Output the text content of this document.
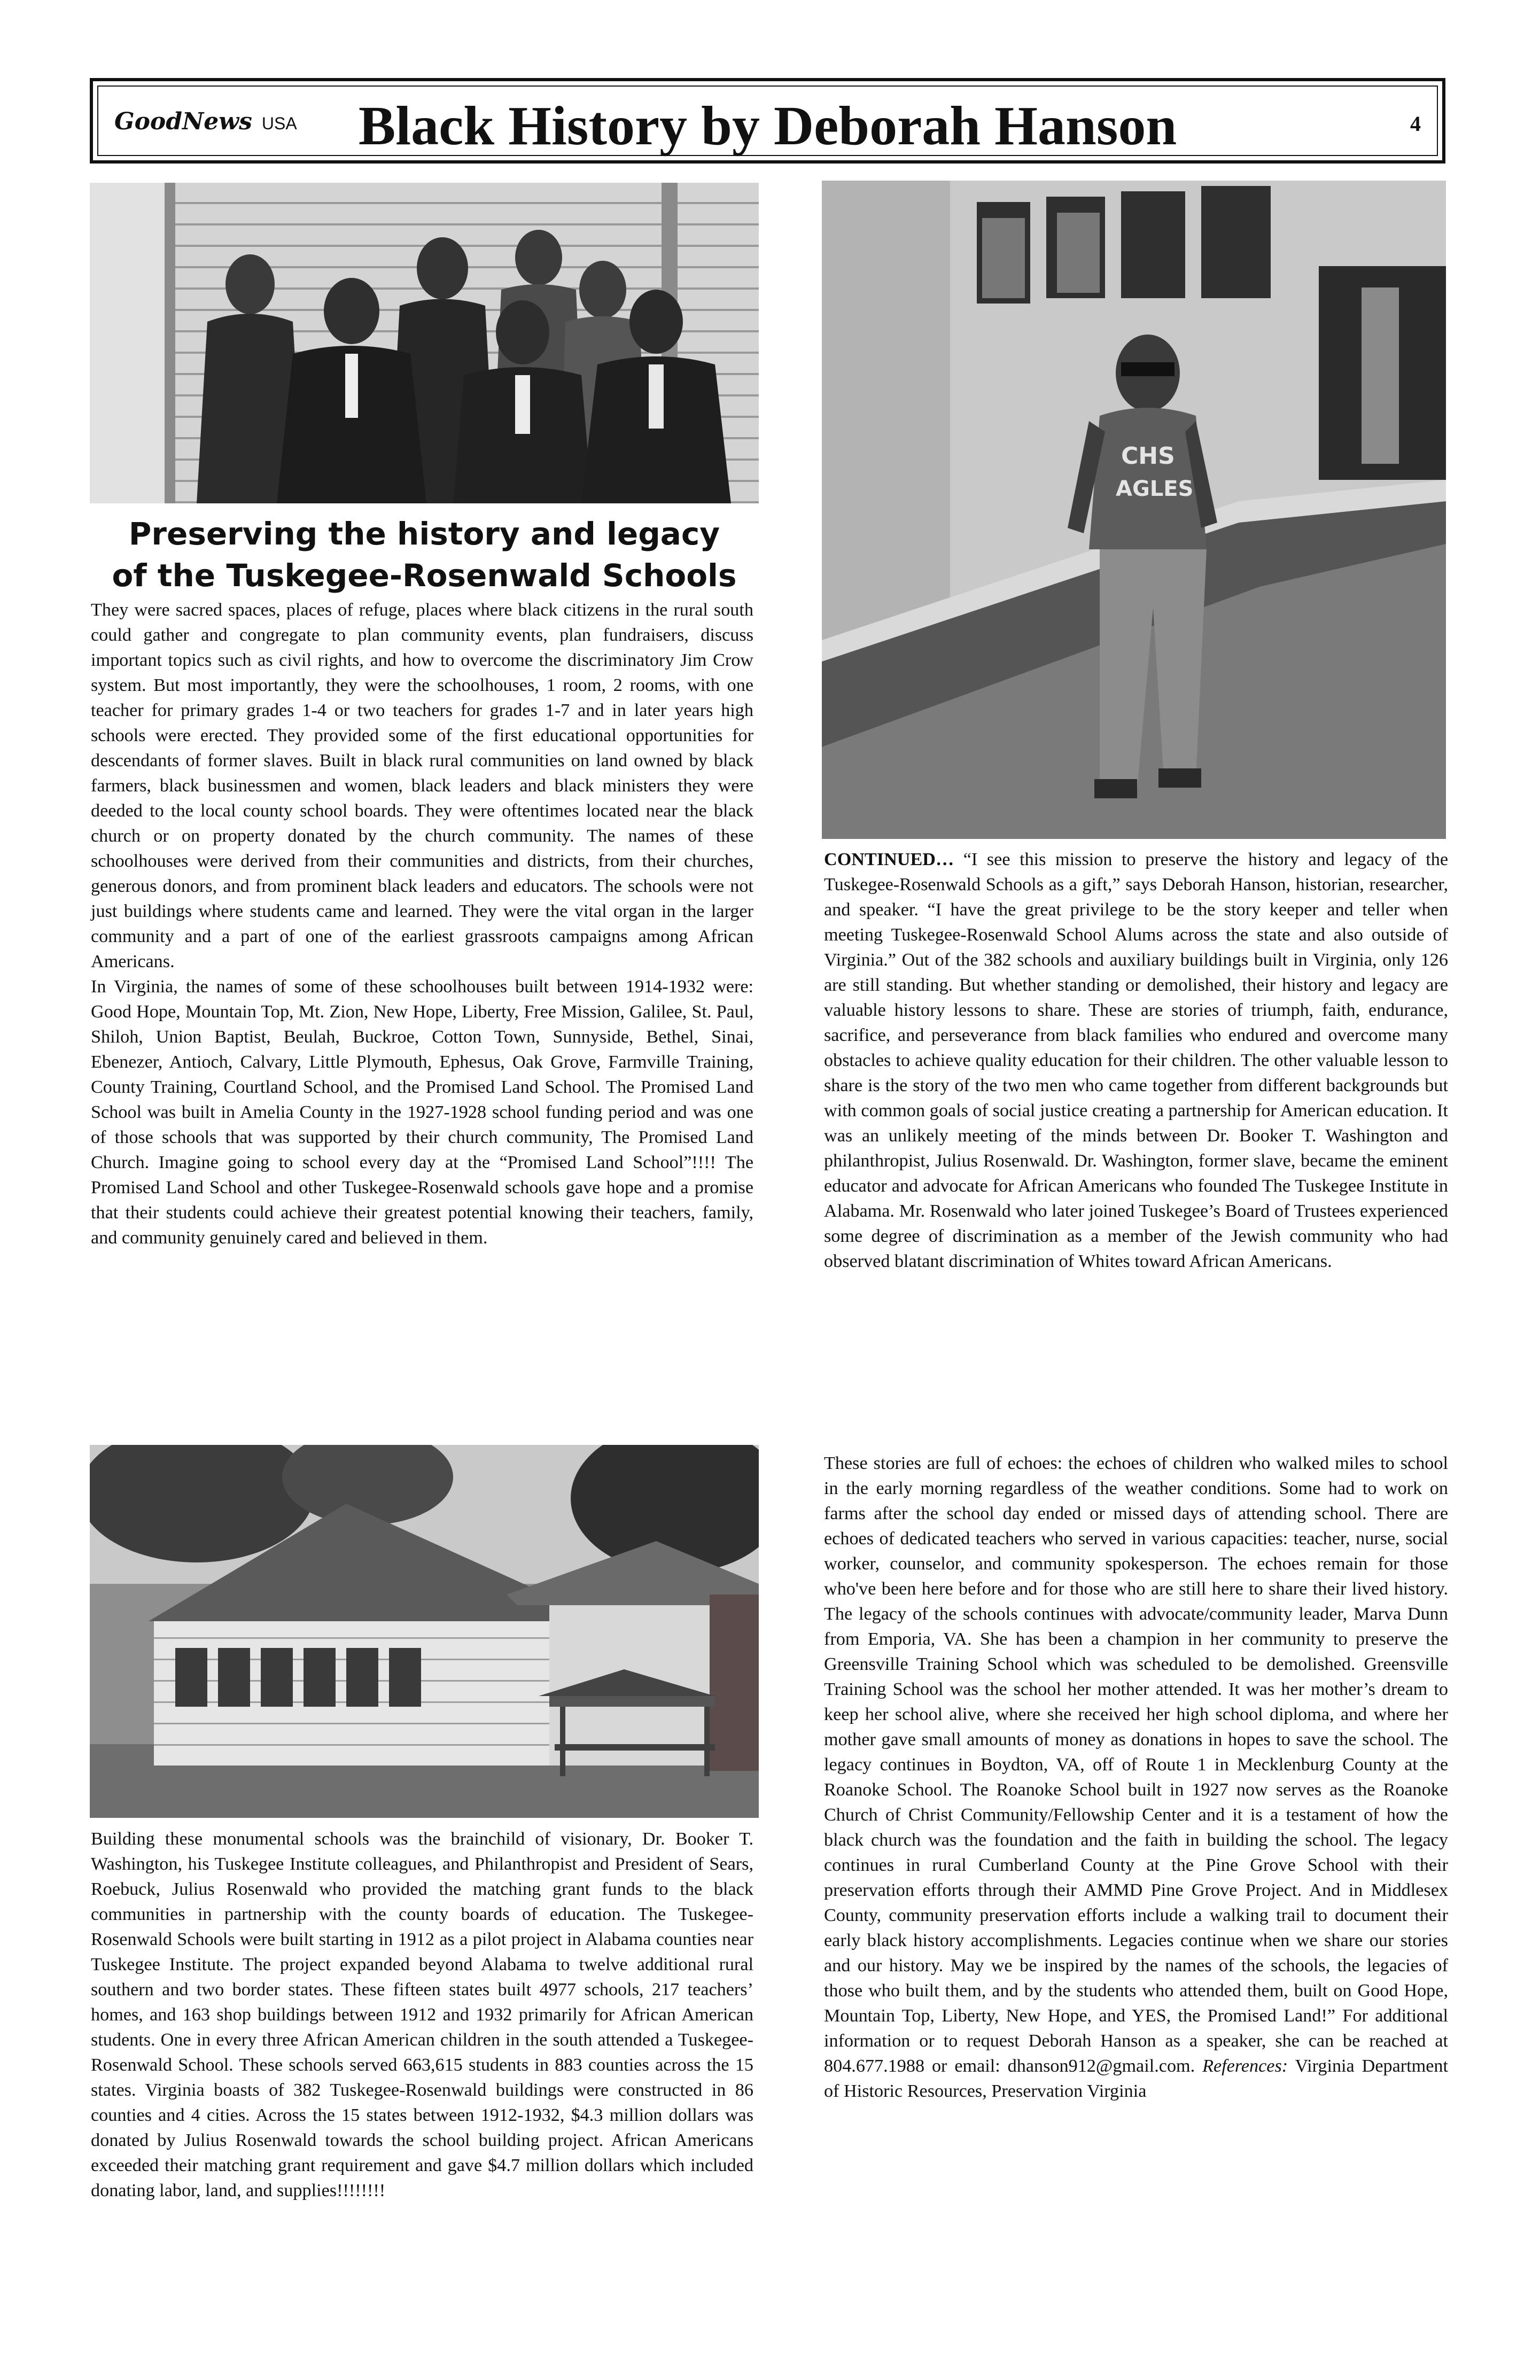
GoodNews USA	Black History by Deborah Hanson	4
Preserving the history and legacy
of the Tuskegee-Rosenwald Schools

They were sacred spaces, places of refuge, places where black citizens in the rural south could gather and congregate to plan community events, plan fundraisers, discuss important topics such as civil rights, and how to overcome the discriminatory Jim Crow system. But most importantly, they were the schoolhouses, 1 room, 2 rooms, with one teacher for primary grades 1-4 or two teachers for grades 1-7 and in later years high schools were erected. They provided some of the first educational opportunities for descendants of former slaves. Built in black rural communities on land owned by black farmers, black businessmen and women, black leaders and black ministers they were deeded to the local county school boards. They were oftentimes located near the black church or on property donated by the church community. The names of these schoolhouses were derived from their communities and districts, from their churches, generous donors, and from prominent black leaders and educators. The schools were not just buildings where students came and learned. They were the vital organ in the larger community and a part of one of the earliest grassroots campaigns among African Americans.

In Virginia, the names of some of these schoolhouses built between 1914-1932 were: Good Hope, Mountain Top, Mt. Zion, New Hope, Liberty, Free Mission, Galilee, St. Paul, Shiloh, Union Baptist, Beulah, Buckroe, Cotton Town, Sunnyside, Bethel, Sinai, Ebenezer, Antioch, Calvary, Little Plymouth, Ephesus, Oak Grove, Farmville Training, County Training, Courtland School, and the Promised Land School. The Promised Land School was built in Amelia County in the 1927-1928 school funding period and was one of those schools that was supported by their church community, The Promised Land Church. Imagine going to school every day at the “Promised Land School”!!!! The Promised Land School and other Tuskegee-Rosenwald schools gave hope and a promise that their students could achieve their greatest potential knowing their teachers, family, and community genuinely cared and believed in them.

Building these monumental schools was the brainchild of visionary, Dr. Booker T. Washington, his Tuskegee Institute colleagues, and Philanthropist and President of Sears, Roebuck, Julius Rosenwald who provided the matching grant funds to the black communities in partnership with the county boards of education. The Tuskegee-Rosenwald Schools were built starting in 1912 as a pilot project in Alabama counties near Tuskegee Institute. The project expanded beyond Alabama to twelve additional rural southern and two border states. These fifteen states built 4977 schools, 217 teachers’ homes, and 163 shop buildings between 1912 and 1932 primarily for African American students. One in every three African American children in the south attended a Tuskegee-Rosenwald School. These schools served 663,615 students in 883 counties across the 15 states. Virginia boasts of 382 Tuskegee-Rosenwald buildings were constructed in 86 counties and 4 cities. Across the 15 states between 1912-1932, $4.3 million dollars was donated by Julius Rosenwald towards the school building project. African Americans exceeded their matching grant requirement and gave $4.7 million dollars which included donating labor, land, and supplies!!!!!!!!

CHS
AGLES

CONTINUED… “I see this mission to preserve the history and legacy of the Tuskegee-Rosenwald Schools as a gift,” says Deborah Hanson, historian, researcher, and speaker. “I have the great privilege to be the story keeper and teller when meeting Tuskegee-Rosenwald School Alums across the state and also outside of Virginia.” Out of the 382 schools and auxiliary buildings built in Virginia, only 126 are still standing. But whether standing or demolished, their history and legacy are valuable history lessons to share. These are stories of triumph, faith, endurance, sacrifice, and perseverance from black families who endured and overcome many obstacles to achieve quality education for their children. The other valuable lesson to share is the story of the two men who came together from different backgrounds but with common goals of social justice creating a partnership for American education. It was an unlikely meeting of the minds between Dr. Booker T. Washington and philanthropist, Julius Rosenwald. Dr. Washington, former slave, became the eminent educator and advocate for African Americans who founded The Tuskegee Institute in Alabama. Mr. Rosenwald who later joined Tuskegee’s Board of Trustees experienced some degree of discrimination as a member of the Jewish community who had observed blatant discrimination of Whites toward African Americans.

These stories are full of echoes: the echoes of children who walked miles to school in the early morning regardless of the weather conditions. Some had to work on farms after the school day ended or missed days of attending school. There are echoes of dedicated teachers who served in various capacities: teacher, nurse, social worker, counselor, and community spokesperson. The echoes remain for those who've been here before and for those who are still here to share their lived history. The legacy of the schools continues with advocate/community leader, Marva Dunn from Emporia, VA. She has been a champion in her community to preserve the Greensville Training School which was scheduled to be demolished. Greensville Training School was the school her mother attended. It was her mother’s dream to keep her school alive, where she received her high school diploma, and where her mother gave small amounts of money as donations in hopes to save the school. The legacy continues in Boydton, VA, off of Route 1 in Mecklenburg County at the Roanoke School. The Roanoke School built in 1927 now serves as the Roanoke Church of Christ Community/Fellowship Center and it is a testament of how the black church was the foundation and the faith in building the school. The legacy continues in rural Cumberland County at the Pine Grove School with their preservation efforts through their AMMD Pine Grove Project. And in Middlesex County, community preservation efforts include a walking trail to document their early black history accomplishments. Legacies continue when we share our stories and our history. May we be inspired by the names of the schools, the legacies of those who built them, and by the students who attended them, built on Good Hope, Mountain Top, Liberty, New Hope, and YES, the Promised Land!” For additional information or to request Deborah Hanson as a speaker, she can be reached at 804.677.1988 or email: dhanson912@gmail.com. References: Virginia Department of Historic Resources, Preservation Virginia
